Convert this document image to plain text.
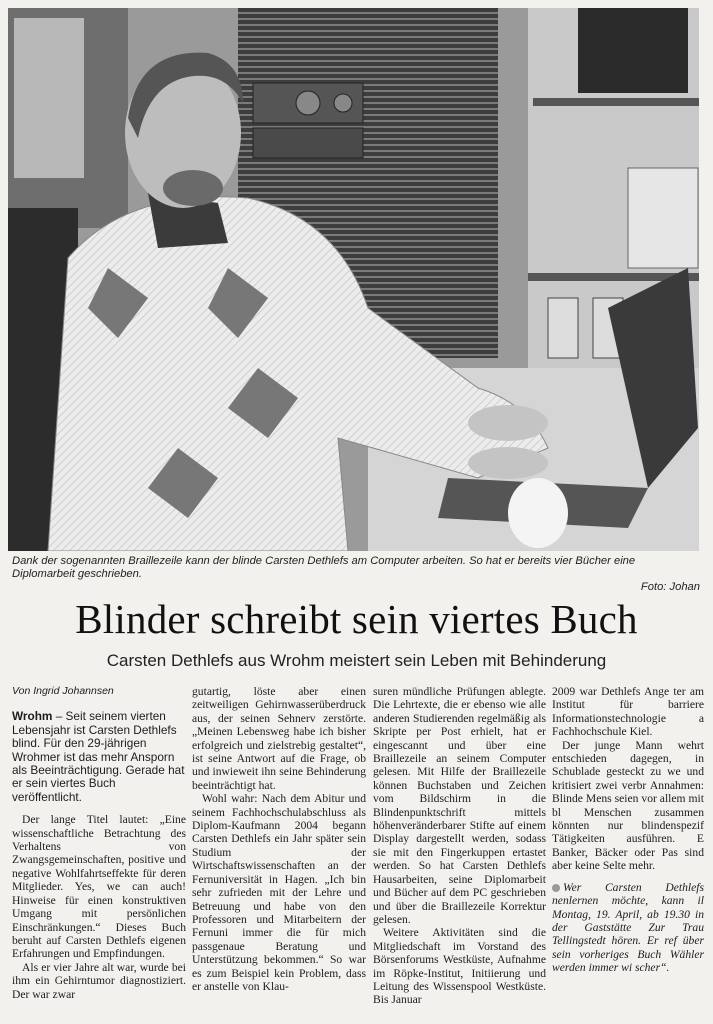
Dank der sogenannten Braillezeile kann der blinde Carsten Dethlefs am Computer arbeiten. So hat er bereits vier Bücher eine Diplomarbeit geschrieben.
Foto: Johan
Blinder schreibt sein viertes Buch
Carsten Dethlefs aus Wrohm meistert sein Leben mit Behinderung

Von Ingrid Johannsen

Wrohm – Seit seinem vierten Lebensjahr ist Carsten Dethlefs blind. Für den 29-jährigen Wrohmer ist das mehr Ansporn als Beeinträchtigung. Gerade hat er sein viertes Buch veröffentlicht.

Der lange Titel lautet: „Eine wissenschaftliche Betrachtung des Verhaltens von Zwangsgemeinschaften, positive und negative Wohlfahrtseffekte für deren Mitglieder. Yes, we can auch! Hinweise für einen konstruktiven Umgang mit persönlichen Einschränkungen.“ Dieses Buch beruht auf Carsten Dethlefs eigenen Erfahrungen und Empfindungen.

Als er vier Jahre alt war, wurde bei ihm ein Gehirntumor diagnostiziert. Der war zwar

gutartig, löste aber einen zeitweiligen Gehirnwasserüberdruck aus, der seinen Sehnerv zerstörte. „Meinen Lebensweg habe ich bisher erfolgreich und zielstrebig gestaltet“, ist seine Antwort auf die Frage, ob und inwieweit ihn seine Behinderung beeinträchtigt hat.

Wohl wahr: Nach dem Abitur und seinem Fachhochschulabschluss als Diplom-Kaufmann 2004 begann Carsten Dethlefs ein Jahr später sein Studium der Wirtschaftswissenschaften an der Fernuniversität in Hagen. „Ich bin sehr zufrieden mit der Lehre und Betreuung und habe von den Professoren und Mitarbeitern der Fernuni immer die für mich passgenaue Beratung und Unterstützung bekommen.“ So war es zum Beispiel kein Problem, dass er anstelle von Klau-

suren mündliche Prüfungen ablegte. Die Lehrtexte, die er ebenso wie alle anderen Studierenden regelmäßig als Skripte per Post erhielt, hat er eingescannt und über eine Braillezeile an seinem Computer gelesen. Mit Hilfe der Braillezeile können Buchstaben und Zeichen vom Bildschirm in die Blindenpunktschrift mittels höhenveränderbarer Stifte auf einem Display dargestellt werden, sodass sie mit den Fingerkuppen ertastet werden. So hat Carsten Dethlefs Hausarbeiten, seine Diplomarbeit und Bücher auf dem PC geschrieben und über die Braillezeile Korrektur gelesen.

Weitere Aktivitäten sind die Mitgliedschaft im Vorstand des Börsenforums Westküste, Aufnahme im Röpke-Institut, Initiierung und Leitung des Wissenspool Westküste. Bis Januar

2009 war Dethlefs Ange ter am Institut für barriere Informationstechnologie a Fachhochschule Kiel.

Der junge Mann wehrt entschieden dagegen, in Schublade gesteckt zu we und kritisiert zwei verbr Annahmen: Blinde Mens seien vor allem mit bl Menschen zusammen könnten nur blindenspezif Tätigkeiten ausführen. E Banker, Bäcker oder Pas sind aber keine Selte mehr.

Wer Carsten Dethlefs nenlernen möchte, kann il Montag, 19. April, ab 19.30 in der Gaststätte Zur Trau Tellingstedt hören. Er ref über sein vorheriges Buch Wähler werden immer wi scher“.
